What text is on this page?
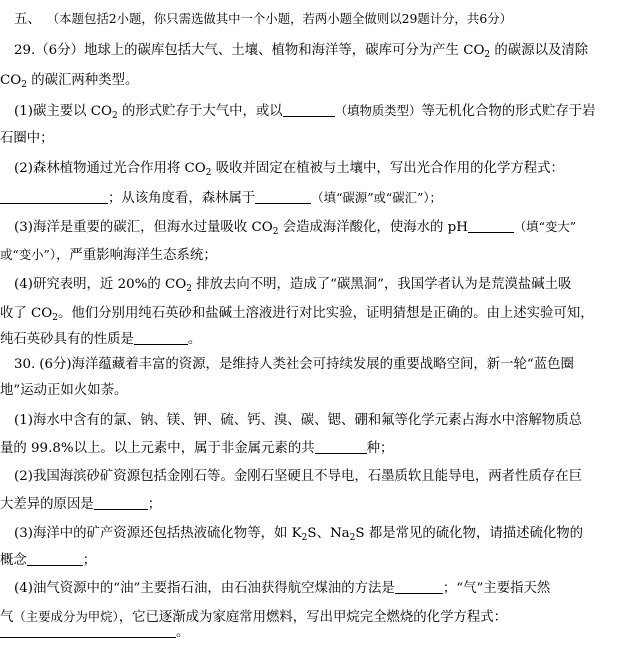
五、 （本题包括2小题，你只需选做其中一个小题，若两小题全做则以29题计分，共6分）
29.（6分）地球上的碳库包括大气、土壤、植物和海洋等，碳库可分为产生 $CO_2$ 的碳源以及清除
$CO_2$ 的碳汇两种类型。
(1)碳主要以 $CO_2$ 的形式贮存于大气中，或以	（填物质类型）等无机化合物的形式贮存于岩
石圈中；
(2)森林植物通过光合作用将 $CO_2$ 吸收并固定在植被与土壤中，写出光合作用的化学方程式：
；从该角度看，森林属于	（填“碳源”或“碳汇”）；
(3)海洋是重要的碳汇，但海水过量吸收 $CO_2$ 会造成海洋酸化，使海水的 pH	（填“变大”
或“变小”），严重影响海洋生态系统；
(4)研究表明，近 20%的 $CO_2$ 排放去向不明，造成了“碳黑洞”，我国学者认为是荒漠盐碱土吸
收了 $CO_2$。他们分别用纯石英砂和盐碱土溶液进行对比实验，证明猜想是正确的。由上述实验可知，
纯石英砂具有的性质是	。
30. (6分)海洋蕴藏着丰富的资源，是维持人类社会可持续发展的重要战略空间，新一轮“蓝色圈
地”运动正如火如荼。
(1)海水中含有的氯、钠、镁、钾、硫、钙、溴、碳、锶、硼和氟等化学元素占海水中溶解物质总
量的 99.8%以上。以上元素中，属于非金属元素的共	种；
(2)我国海滨砂矿资源包括金刚石等。金刚石坚硬且不导电，石墨质软且能导电，两者性质存在巨
大差异的原因是	；
(3)海洋中的矿产资源还包括热液硫化物等，如 $K_2S$、$Na_2S$ 都是常见的硫化物，请描述硫化物的
概念	；
(4)油气资源中的“油”主要指石油，由石油获得航空煤油的方法是	；“气”主要指天然
气（主要成分为甲烷），它已逐渐成为家庭常用燃料，写出甲烷完全燃烧的化学方程式：
。
